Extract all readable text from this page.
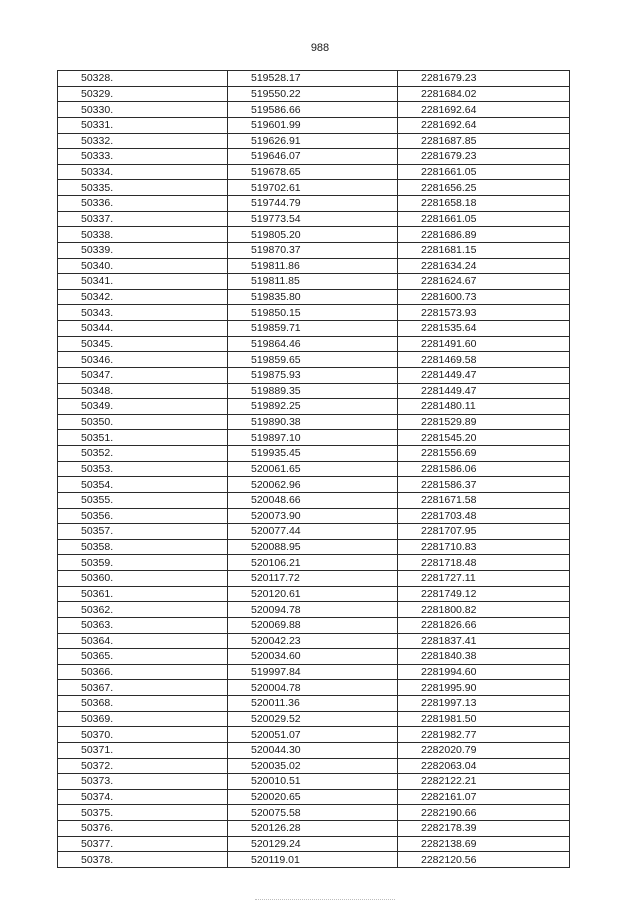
988
50328.	519528.17	2281679.23
50329.	519550.22	2281684.02
50330.	519586.66	2281692.64
50331.	519601.99	2281692.64
50332.	519626.91	2281687.85
50333.	519646.07	2281679.23
50334.	519678.65	2281661.05
50335.	519702.61	2281656.25
50336.	519744.79	2281658.18
50337.	519773.54	2281661.05
50338.	519805.20	2281686.89
50339.	519870.37	2281681.15
50340.	519811.86	2281634.24
50341.	519811.85	2281624.67
50342.	519835.80	2281600.73
50343.	519850.15	2281573.93
50344.	519859.71	2281535.64
50345.	519864.46	2281491.60
50346.	519859.65	2281469.58
50347.	519875.93	2281449.47
50348.	519889.35	2281449.47
50349.	519892.25	2281480.11
50350.	519890.38	2281529.89
50351.	519897.10	2281545.20
50352.	519935.45	2281556.69
50353.	520061.65	2281586.06
50354.	520062.96	2281586.37
50355.	520048.66	2281671.58
50356.	520073.90	2281703.48
50357.	520077.44	2281707.95
50358.	520088.95	2281710.83
50359.	520106.21	2281718.48
50360.	520117.72	2281727.11
50361.	520120.61	2281749.12
50362.	520094.78	2281800.82
50363.	520069.88	2281826.66
50364.	520042.23	2281837.41
50365.	520034.60	2281840.38
50366.	519997.84	2281994.60
50367.	520004.78	2281995.90
50368.	520011.36	2281997.13
50369.	520029.52	2281981.50
50370.	520051.07	2281982.77
50371.	520044.30	2282020.79
50372.	520035.02	2282063.04
50373.	520010.51	2282122.21
50374.	520020.65	2282161.07
50375.	520075.58	2282190.66
50376.	520126.28	2282178.39
50377.	520129.24	2282138.69
50378.	520119.01	2282120.56
